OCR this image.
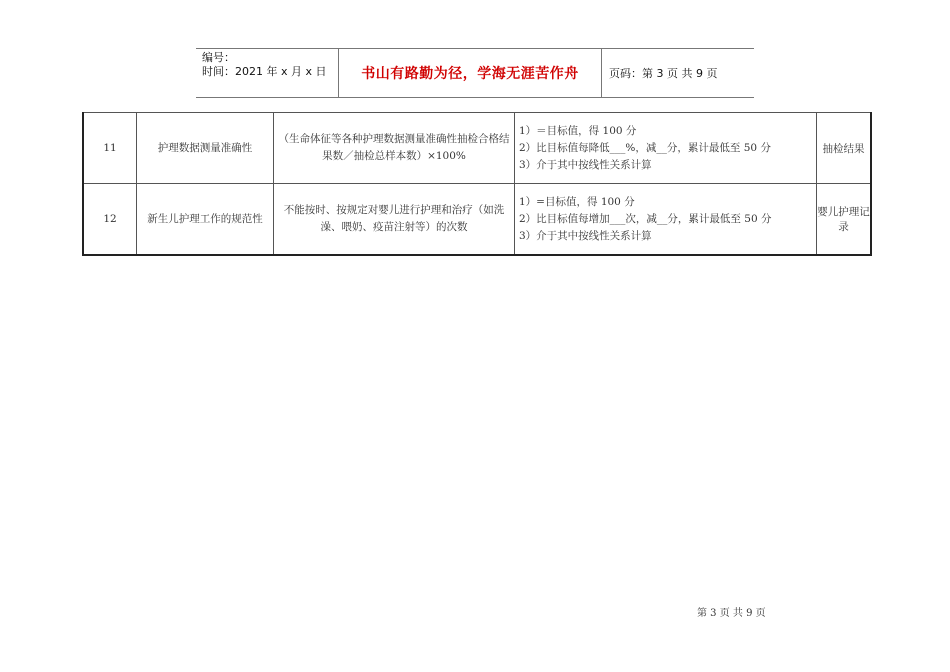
编号：
时间：2021 年 x 月 x 日	书山有路勤为径，学海无涯苦作舟	页码：第 3 页 共 9 页
11	护理数据测量准确性	（生命体征等各种护理数据测量准确性抽检合格结果数／抽检总样本数）×100%	1）＝目标值，得 100 分
2）比目标值每降低___%，减__分，累计最低至 50 分
3）介于其中按线性关系计算	抽检结果
12	新生儿护理工作的规范性	不能按时、按规定对婴儿进行护理和治疗（如洗澡、喂奶、疫苗注射等）的次数	1）=目标值，得 100 分
2）比目标值每增加___次，减__分，累计最低至 50 分
3）介于其中按线性关系计算	婴儿护理记录
第 3 页 共 9 页
